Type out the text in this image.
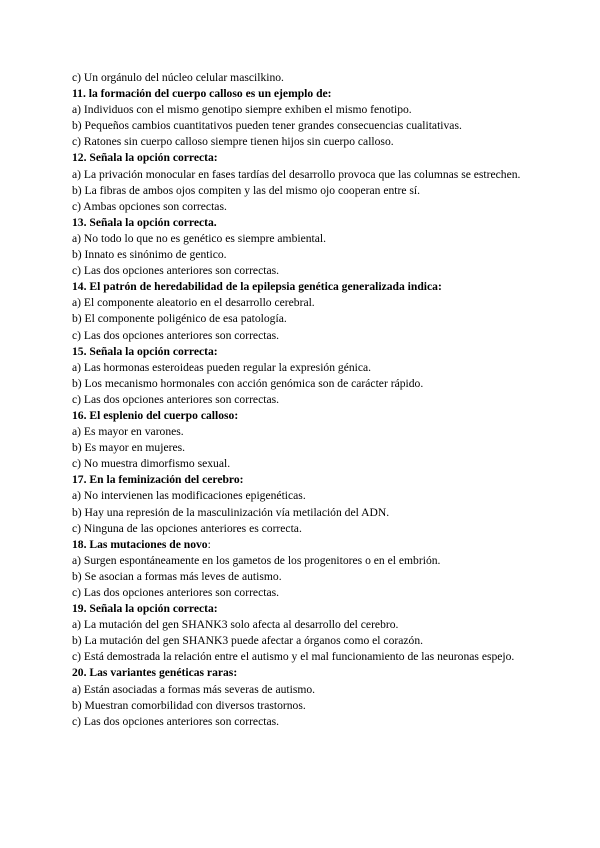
c) Un orgánulo del núcleo celular mascilkino.
11. la formación del cuerpo calloso es un ejemplo de:
a) Individuos con el mismo genotipo siempre exhiben el mismo fenotipo.
b) Pequeños cambios cuantitativos pueden tener grandes consecuencias cualitativas.
c) Ratones sin cuerpo calloso siempre tienen hijos sin cuerpo calloso.
12. Señala la opción correcta:
a) La privación monocular en fases tardías del desarrollo provoca que las columnas se estrechen.
b) La fibras de ambos ojos compiten y las del mismo ojo cooperan entre sí.
c) Ambas opciones son correctas.
13. Señala la opción correcta.
a) No todo lo que no es genético es siempre ambiental.
b) Innato es sinónimo de gentico.
c) Las dos opciones anteriores son correctas.
14. El patrón de heredabilidad de la epilepsia genética generalizada indica:
a) El componente aleatorio en el desarrollo cerebral.
b) El componente poligénico de esa patología.
c) Las dos opciones anteriores son correctas.
15. Señala la opción correcta:
a) Las hormonas esteroideas pueden regular la expresión génica.
b) Los mecanismo hormonales con acción genómica son de carácter rápido.
c) Las dos opciones anteriores son correctas.
16. El esplenio del cuerpo calloso:
a) Es mayor en varones.
b) Es mayor en mujeres.
c) No muestra dimorfismo sexual.
17. En la feminización del cerebro:
a) No intervienen las modificaciones epigenéticas.
b) Hay una represión de la masculinización vía metilación del ADN.
c) Ninguna de las opciones anteriores es correcta.
18. Las mutaciones de novo:
a) Surgen espontáneamente en los gametos de los progenitores o en el embrión.
b) Se asocian a formas más leves de autismo.
c) Las dos opciones anteriores son correctas.
19. Señala la opción correcta:
a) La mutación del gen SHANK3 solo afecta al desarrollo del cerebro.
b) La mutación del gen SHANK3 puede afectar a órganos como el corazón.
c) Está demostrada la relación entre el autismo y el mal funcionamiento de las neuronas espejo.
20. Las variantes genéticas raras:
a) Están asociadas a formas más severas de autismo.
b) Muestran comorbilidad con diversos trastornos.
c) Las dos opciones anteriores son correctas.
